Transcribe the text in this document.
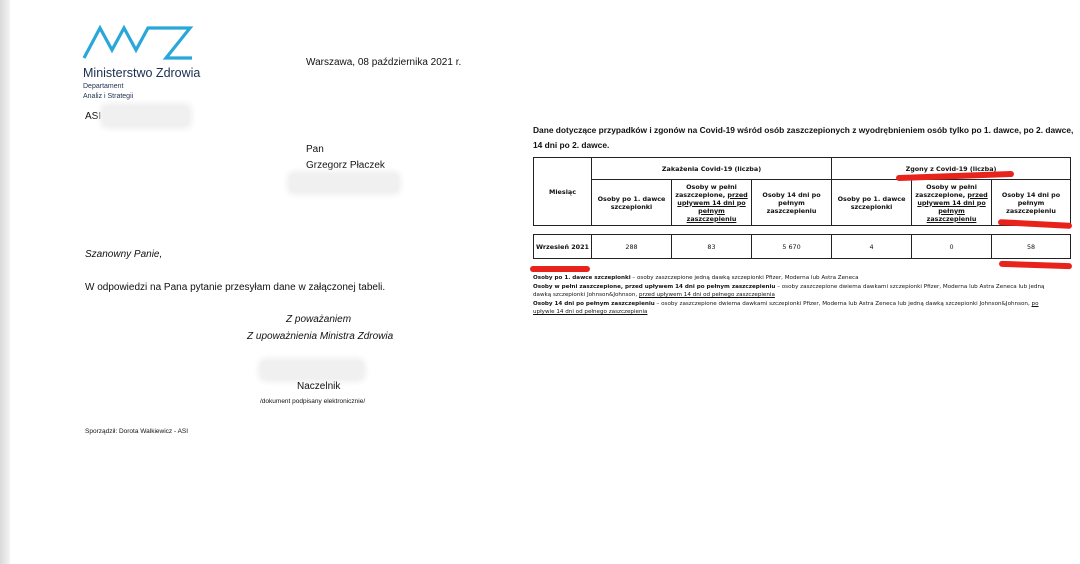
Ministerstwo Zdrowia
Departament
Analiz i Strategii
ASI
Warszawa, 08 października 2021 r.
Pan
Grzegorz Płaczek
Szanowny Panie,
W odpowiedzi na Pana pytanie przesyłam dane w załączonej tabeli.
Z poważaniem
Z upoważnienia Ministra Zdrowia
Naczelnik
/dokument podpisany elektronicznie/
Sporządził: Dorota Walkiewicz - ASI
Dane dotyczące przypadków i zgonów na Covid-19 wśród osób zaszczepionych z wyodrębnieniem osób tylko po 1. dawce, po 2. dawce, 14 dni po 2. dawce.
Miesiąc	Zakażenia Covid-19 (liczba)			Zgony z Covid-19 (liczba)		
	Osoby po 1. dawce szczepionki	Osoby w pełni zaszczepione, przed upływem 14 dni po pełnym zaszczepieniu	Osoby 14 dni po pełnym zaszczepieniu	Osoby po 1. dawce szczepionki	Osoby w pełni zaszczepione, przed upływem 14 dni po pełnym zaszczepieniu	Osoby 14 dni po pełnym zaszczepieniu

Wrzesień 2021	288	83	5 670	4	0	58
Osoby po 1. dawce szczepionki – osoby zaszczepione jedną dawką szczepionki Pfizer, Moderna lub Astra Zeneca
Osoby w pełni zaszczepione, przed upływem 14 dni po pełnym zaszczepieniu – osoby zaszczepione dwiema dawkami szczepionki Pfizer, Moderna lub Astra Zeneca lub jedną dawką szczepionki Johnson&Johnson, przed upływem 14 dni od pełnego zaszczepienia
Osoby 14 dni po pełnym zaszczepieniu – osoby zaszczepione dwiema dawkami szczepionki Pfizer, Moderna lub Astra Zeneca lub jedną dawką szczepionki Johnson&Johnson, po upływie 14 dni od pełnego zaszczepienia
